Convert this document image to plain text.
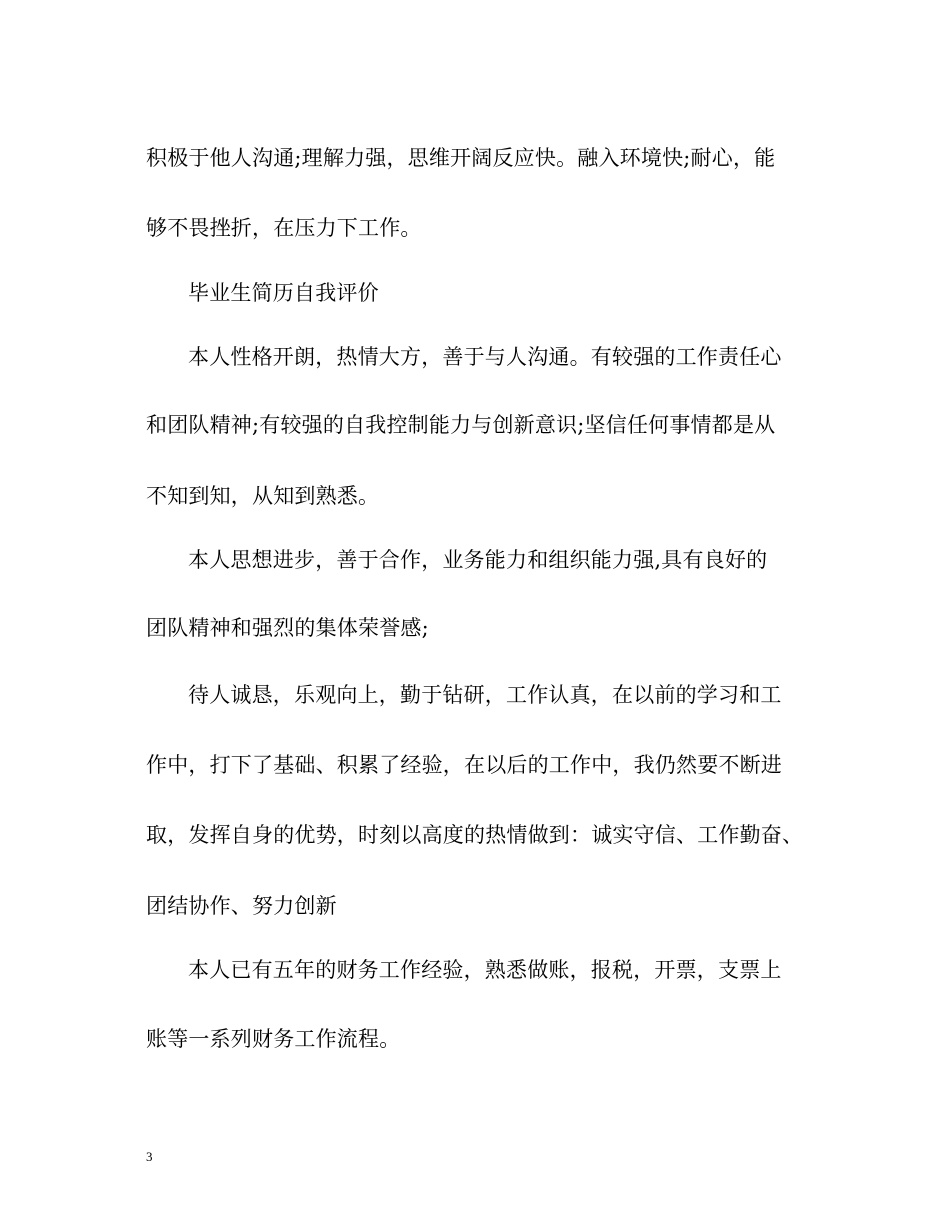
积极于他人沟通;理解力强，思维开阔反应快。融入环境快;耐心，能
够不畏挫折，在压力下工作。
毕业生简历自我评价
本人性格开朗，热情大方，善于与人沟通。有较强的工作责任心
和团队精神;有较强的自我控制能力与创新意识;坚信任何事情都是从
不知到知，从知到熟悉。
本人思想进步，善于合作，业务能力和组织能力强,具有良好的
团队精神和强烈的集体荣誉感;
待人诚恳，乐观向上，勤于钻研，工作认真，在以前的学习和工
作中，打下了基础、积累了经验，在以后的工作中，我仍然要不断进
取，发挥自身的优势，时刻以高度的热情做到：诚实守信、工作勤奋、
团结协作、努力创新
本人已有五年的财务工作经验，熟悉做账，报税，开票，支票上
账等一系列财务工作流程。
3
